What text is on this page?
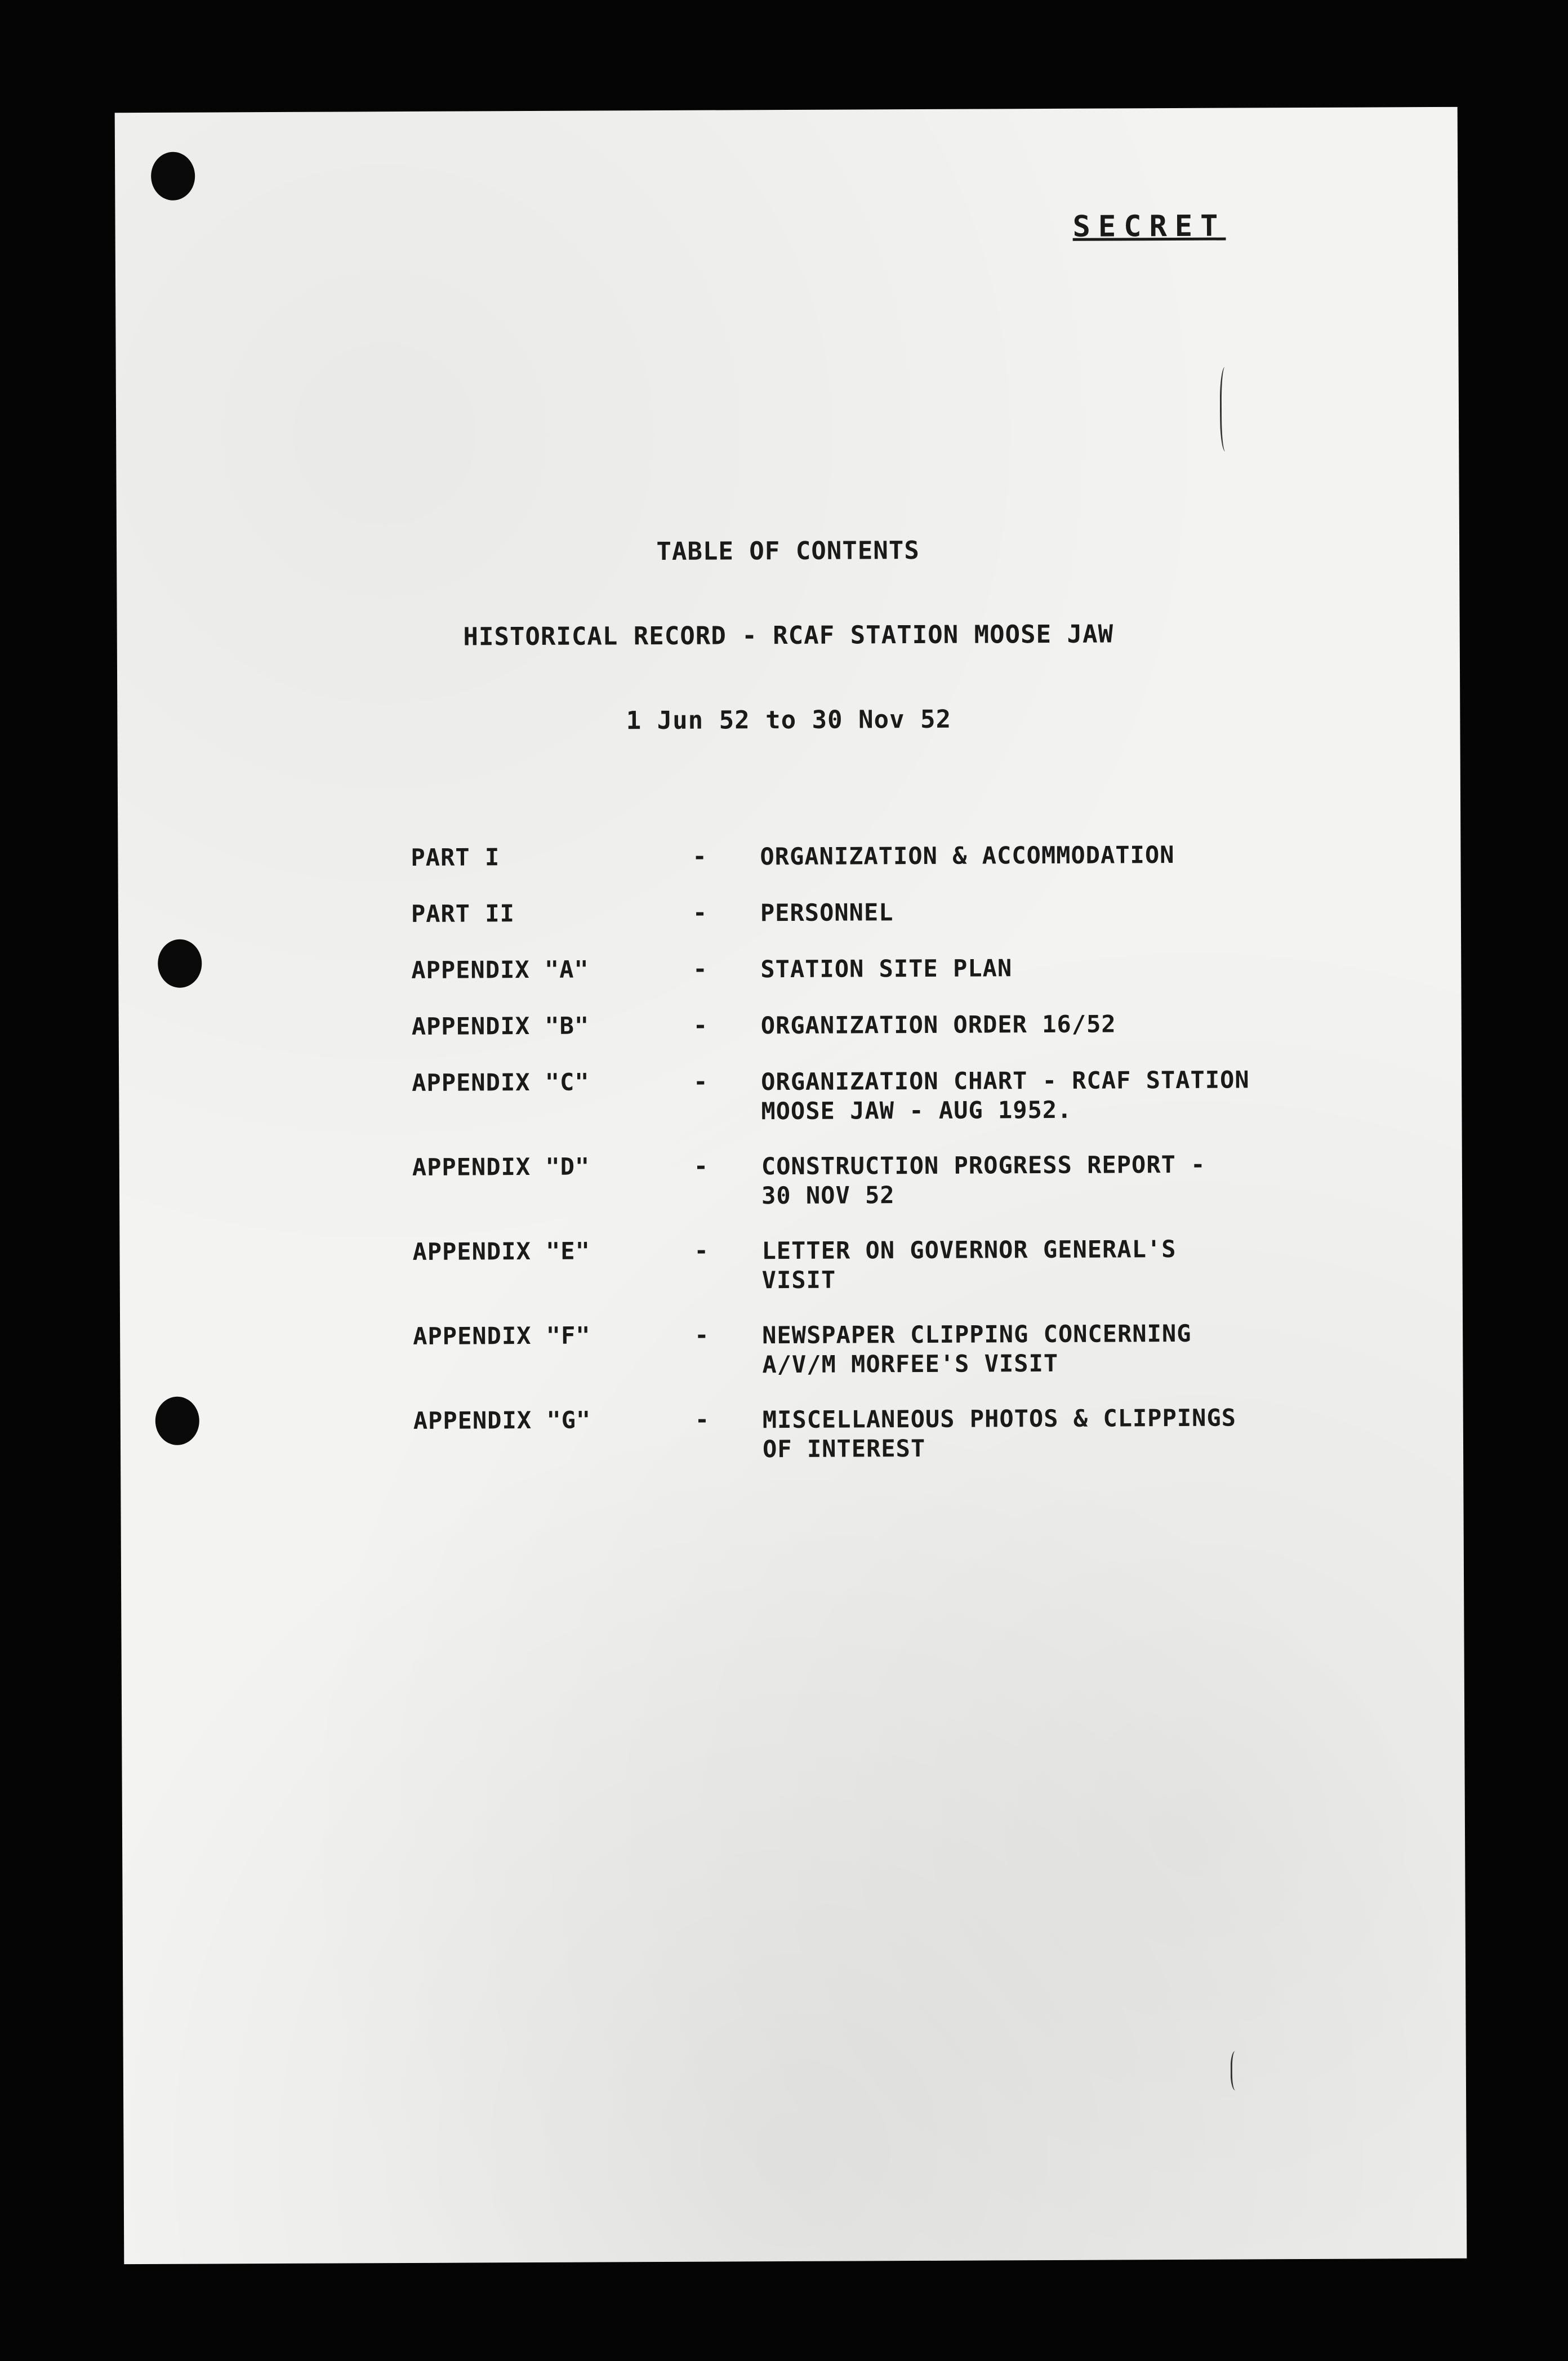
SECRET
TABLE OF CONTENTS
HISTORICAL RECORD - RCAF STATION MOOSE JAW
1 Jun 52 to 30 Nov 52
PART I	- ORGANIZATION & ACCOMMODATION
PART II	- PERSONNEL
APPENDIX "A"	- STATION SITE PLAN
APPENDIX "B"	- ORGANIZATION ORDER 16/52
APPENDIX "C"	- ORGANIZATION CHART - RCAF STATION
MOOSE JAW - AUG 1952.
APPENDIX "D"	- CONSTRUCTION PROGRESS REPORT -
30 NOV 52
APPENDIX "E"	- LETTER ON GOVERNOR GENERAL'S
VISIT
APPENDIX "F"	- NEWSPAPER CLIPPING CONCERNING
A/V/M MORFEE'S VISIT
APPENDIX "G"	- MISCELLANEOUS PHOTOS & CLIPPINGS
OF INTEREST
